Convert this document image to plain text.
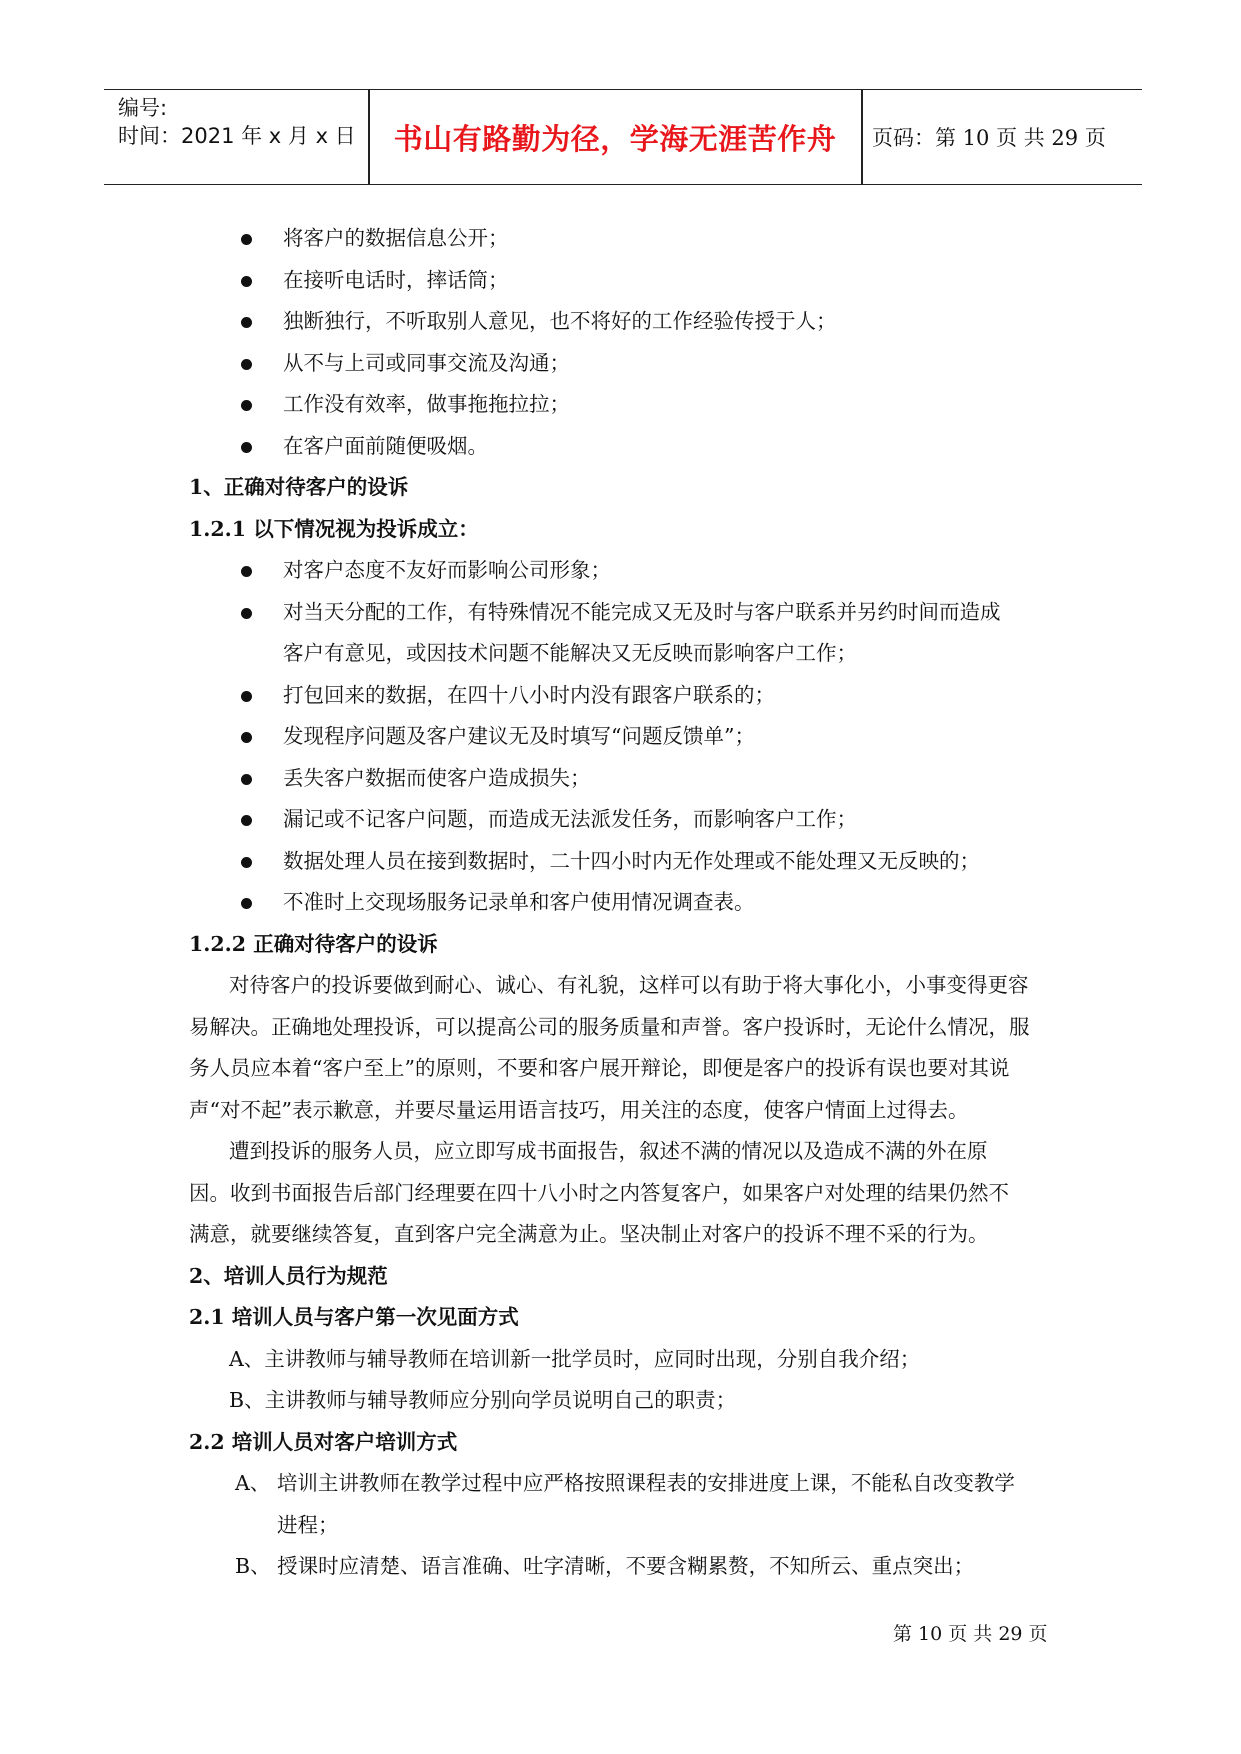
编号:
时间：2021 年 x 月 x 日	书山有路勤为径，学海无涯苦作舟	页码：第 10 页 共 29 页
将客户的数据信息公开；
在接听电话时，摔话筒；
独断独行，不听取别人意见，也不将好的工作经验传授于人；
从不与上司或同事交流及沟通；
工作没有效率，做事拖拖拉拉；
在客户面前随便吸烟。
1、正确对待客户的设诉
1.2.1 以下情况视为投诉成立：
对客户态度不友好而影响公司形象；
对当天分配的工作，有特殊情况不能完成又无及时与客户联系并另约时间而造成
客户有意见，或因技术问题不能解决又无反映而影响客户工作；
打包回来的数据，在四十八小时内没有跟客户联系的；
发现程序问题及客户建议无及时填写“问题反馈单”；
丢失客户数据而使客户造成损失；
漏记或不记客户问题，而造成无法派发任务，而影响客户工作；
数据处理人员在接到数据时，二十四小时内无作处理或不能处理又无反映的；
不准时上交现场服务记录单和客户使用情况调查表。
1.2.2 正确对待客户的设诉
对待客户的投诉要做到耐心、诚心、有礼貌，这样可以有助于将大事化小，小事变得更容
易解决。正确地处理投诉，可以提高公司的服务质量和声誉。客户投诉时，无论什么情况，服
务人员应本着“客户至上”的原则，不要和客户展开辩论，即便是客户的投诉有误也要对其说
声“对不起”表示歉意，并要尽量运用语言技巧，用关注的态度，使客户情面上过得去。
遭到投诉的服务人员，应立即写成书面报告，叙述不满的情况以及造成不满的外在原
因。收到书面报告后部门经理要在四十八小时之内答复客户，如果客户对处理的结果仍然不
满意，就要继续答复，直到客户完全满意为止。坚决制止对客户的投诉不理不采的行为。
2、培训人员行为规范
2.1 培训人员与客户第一次见面方式
A、主讲教师与辅导教师在培训新一批学员时，应同时出现，分别自我介绍；
B、主讲教师与辅导教师应分别向学员说明自己的职责；
2.2 培训人员对客户培训方式
A、 培训主讲教师在教学过程中应严格按照课程表的安排进度上课，不能私自改变教学
进程；
B、 授课时应清楚、语言准确、吐字清晰，不要含糊累赘，不知所云、重点突出；
第 10 页 共 29 页
